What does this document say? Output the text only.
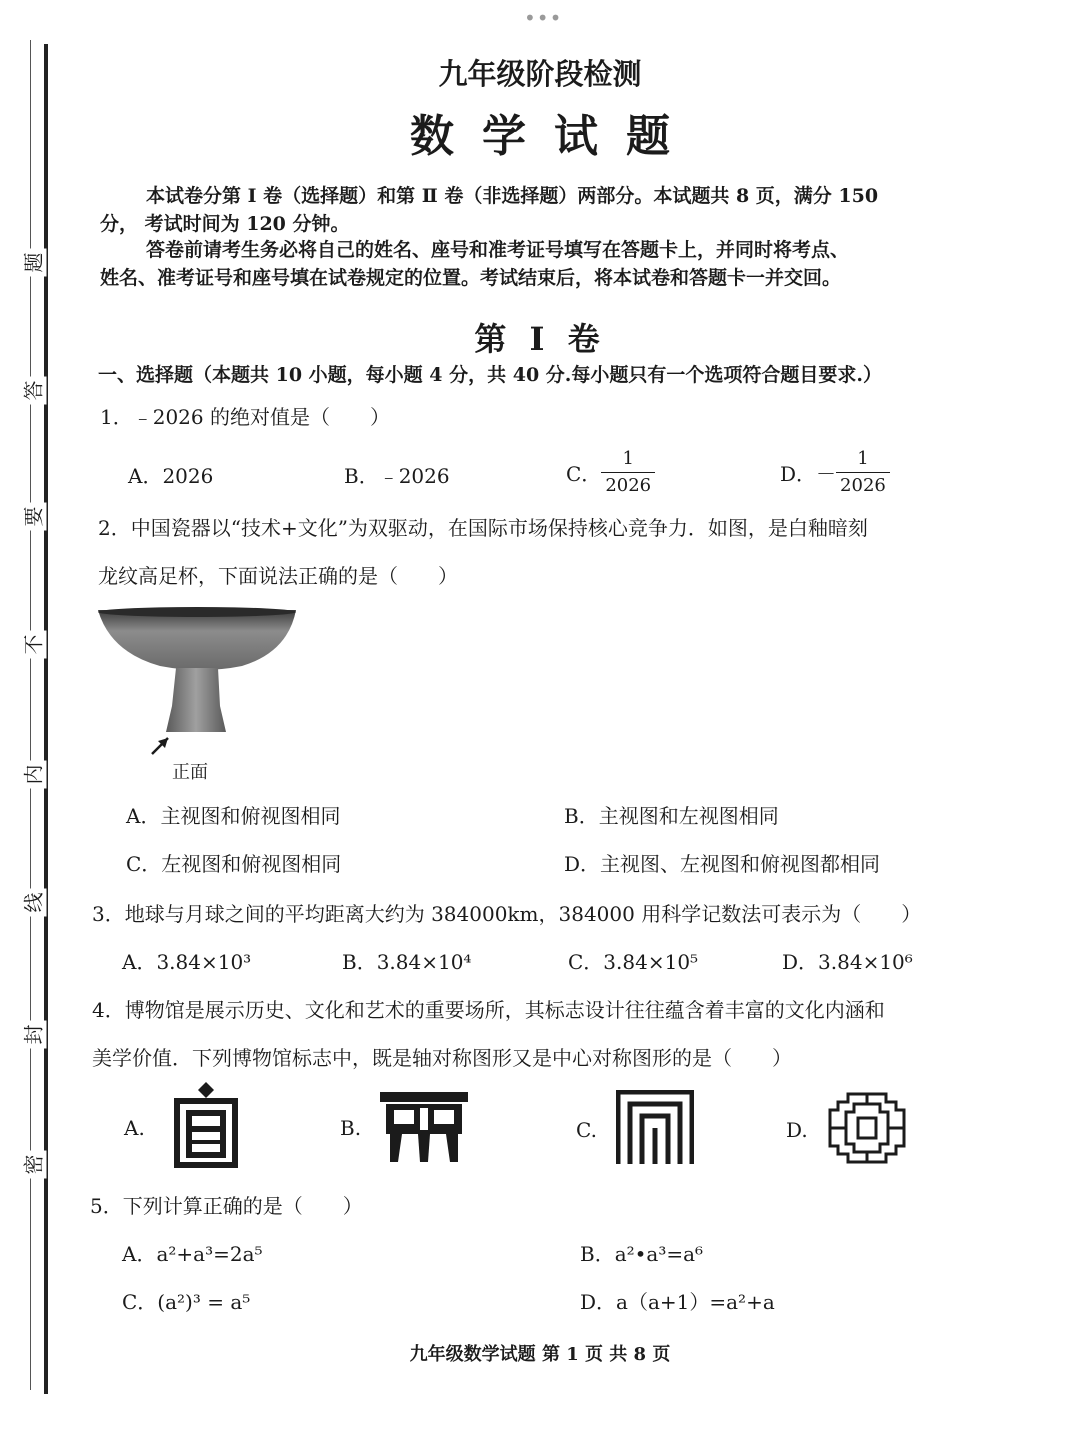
•••
题
答
要
不
内
线
封
密
九年级阶段检测
数学试题
本试卷分第 Ⅰ 卷（选择题）和第 Ⅱ 卷（非选择题）两部分。本试题共 8 页，满分 150
分， 考试时间为 120 分钟。
答卷前请考生务必将自己的姓名、座号和准考证号填写在答题卡上，并同时将考点、
姓名、准考证号和座号填在试卷规定的位置。考试结束后，将本试卷和答题卡一并交回。
第 Ⅰ 卷
一、选择题（本题共 10 小题，每小题 4 分，共 40 分.每小题只有一个选项符合题目要求.）
1．﹣2026 的绝对值是（　　）
A．2026	B．﹣2026	C． $\frac{1}{2026}$	D．－ $\frac{1}{2026}$
2．中国瓷器以“技术+文化”为双驱动，在国际市场保持核心竞争力．如图，是白釉暗刻
龙纹高足杯，下面说法正确的是（　　）
正面
A．主视图和俯视图相同	B．主视图和左视图相同
C．左视图和俯视图相同	D．主视图、左视图和俯视图都相同
3．地球与月球之间的平均距离大约为 384000km，384000 用科学记数法可表示为（　　）
A．3.84×10³	B．3.84×10⁴	C．3.84×10⁵	D．3.84×10⁶
4．博物馆是展示历史、文化和艺术的重要场所，其标志设计往往蕴含着丰富的文化内涵和
美学价值．下列博物馆标志中，既是轴对称图形又是中心对称图形的是（　　）
A.	B.	C.	D.
5．下列计算正确的是（　　）
A．a²+a³=2a⁵	B．a²•a³=a⁶
C．(a²)³ = a⁵	D．a（a+1）=a²+a
九年级数学试题 第 1 页 共 8 页
